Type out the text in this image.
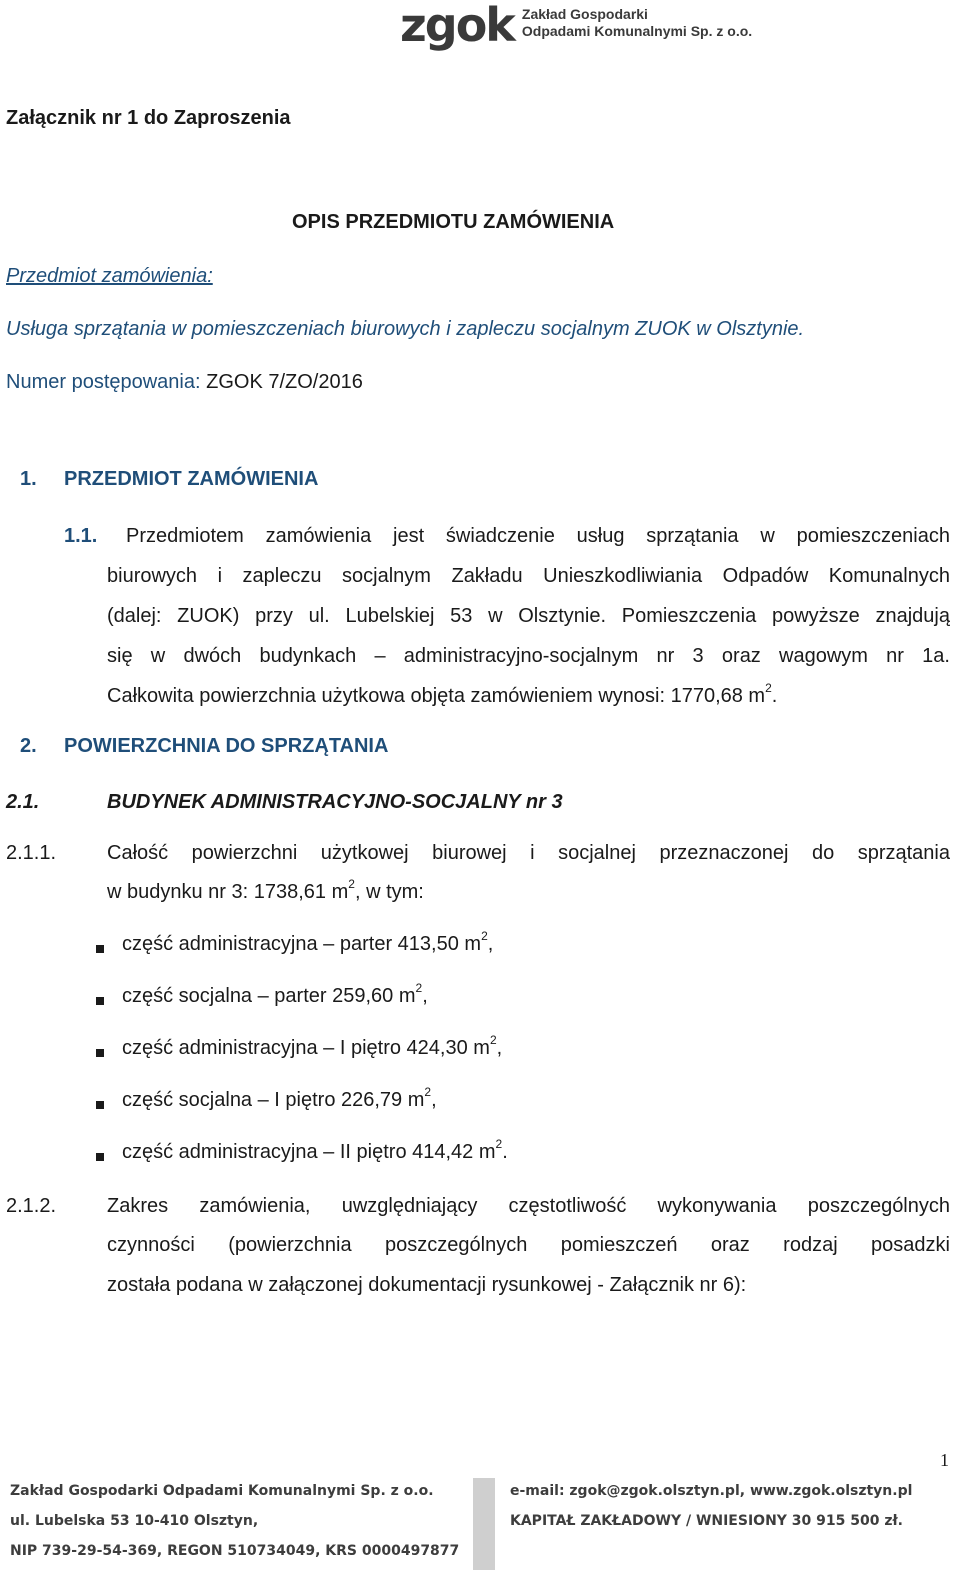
zgok Zakład Gospodarki
Odpadami Komunalnymi Sp. z o.o.
Załącznik nr 1 do Zaproszenia
OPIS PRZEDMIOTU ZAMÓWIENIA
Przedmiot zamówienia:
Usługa sprzątania w pomieszczeniach biurowych i zapleczu socjalnym ZUOK w Olsztynie.
Numer postępowania: ZGOK 7/ZO/2016
1. PRZEDMIOT ZAMÓWIENIA
1.1. Przedmiotem zamówienia jest świadczenie usług sprzątania w pomieszczeniach
biurowych i zapleczu socjalnym Zakładu Unieszkodliwiania Odpadów Komunalnych
(dalej: ZUOK) przy ul. Lubelskiej 53 w Olsztynie. Pomieszczenia powyższe znajdują
się w dwóch budynkach – administracyjno-socjalnym nr 3 oraz wagowym nr 1a.
Całkowita powierzchnia użytkowa objęta zamówieniem wynosi: 1770,68 $m^2$.
2. POWIERZCHNIA DO SPRZĄTANIA
2.1.	BUDYNEK ADMINISTRACYJNO-SOCJALNY nr 3
2.1.1.	Całość powierzchni użytkowej biurowej i socjalnej przeznaczonej do sprzątania
w budynku nr 3: 1738,61 $m^2$, w tym:
część administracyjna – parter 413,50 $m^2$,
część socjalna – parter 259,60 $m^2$,
część administracyjna – I piętro 424,30 $m^2$,
część socjalna – I piętro 226,79 $m^2$,
część administracyjna – II piętro 414,42 $m^2$.
2.1.2.	Zakres zamówienia, uwzględniający częstotliwość wykonywania poszczególnych
czynności (powierzchnia poszczególnych pomieszczeń oraz rodzaj posadzki
została podana w załączonej dokumentacji rysunkowej - Załącznik nr 6):
1
Zakład Gospodarki Odpadami Komunalnymi Sp. z o.o.
ul. Lubelska 53 10-410 Olsztyn,
NIP 739-29-54-369, REGON 510734049, KRS 0000497877
e-mail: zgok@zgok.olsztyn.pl, www.zgok.olsztyn.pl
KAPITAŁ ZAKŁADOWY / WNIESIONY 30 915 500 zł.
